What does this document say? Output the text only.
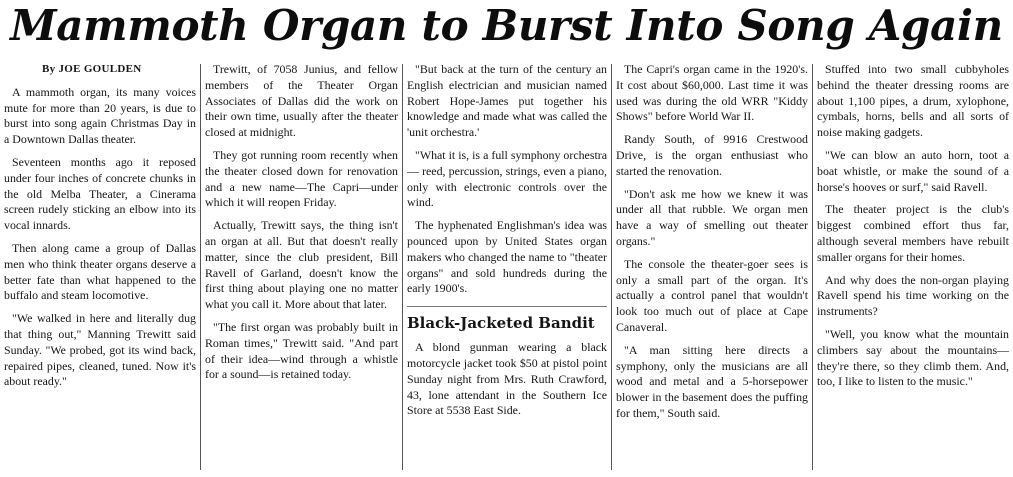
Mammoth Organ to Burst Into Song Again

By JOE GOULDEN

A mammoth organ, its many voices mute for more than 20 years, is due to burst into song again Christmas Day in a Downtown Dallas theater.

Seventeen months ago it reposed under four inches of concrete chunks in the old Melba Theater, a Cinerama screen rudely sticking an elbow into its vocal innards.

Then along came a group of Dallas men who think theater organs deserve a better fate than what happened to the buffalo and steam locomotive.

"We walked in here and literally dug that thing out," Manning Trewitt said Sunday. "We probed, got its wind back, repaired pipes, cleaned, tuned. Now it's about ready."

Trewitt, of 7058 Junius, and fellow members of the Theater Organ Associates of Dallas did the work on their own time, usually after the theater closed at midnight.

They got running room recently when the theater closed down for renovation and a new name—The Capri—under which it will reopen Friday.

Actually, Trewitt says, the thing isn't an organ at all. But that doesn't really matter, since the club president, Bill Ravell of Garland, doesn't know the first thing about playing one no matter what you call it. More about that later.

"The first organ was probably built in Roman times," Trewitt said. "And part of their idea—wind through a whistle for a sound—is retained today.

"But back at the turn of the century an English electrician and musician named Robert Hope-James put together his knowledge and made what was called the 'unit orchestra.'

"What it is, is a full symphony orchestra — reed, percussion, strings, even a piano, only with electronic controls over the wind.

The hyphenated Englishman's idea was pounced upon by United States organ makers who changed the name to "theater organs" and sold hundreds during the early 1900's.

Black-Jacketed Bandit

A blond gunman wearing a black motorcycle jacket took $50 at pistol point Sunday night from Mrs. Ruth Crawford, 43, lone attendant in the Southern Ice Store at 5538 East Side.

The Capri's organ came in the 1920's. It cost about $60,000. Last time it was used was during the old WRR "Kiddy Shows" before World War II.

Randy South, of 9916 Crestwood Drive, is the organ enthusiast who started the renovation.

"Don't ask me how we knew it was under all that rubble. We organ men have a way of smelling out theater organs."

The console the theater-goer sees is only a small part of the organ. It's actually a control panel that wouldn't look too much out of place at Cape Canaveral.

"A man sitting here directs a symphony, only the musicians are all wood and metal and a 5-horsepower blower in the basement does the puffing for them," South said.

Stuffed into two small cubbyholes behind the theater dressing rooms are about 1,100 pipes, a drum, xylophone, cymbals, horns, bells and all sorts of noise making gadgets.

"We can blow an auto horn, toot a boat whistle, or make the sound of a horse's hooves or surf," said Ravell.

The theater project is the club's biggest combined effort thus far, although several members have rebuilt smaller organs for their homes.

And why does the non-organ playing Ravell spend his time working on the instruments?

"Well, you know what the mountain climbers say about the mountains—they're there, so they climb them. And, too, I like to listen to the music."
